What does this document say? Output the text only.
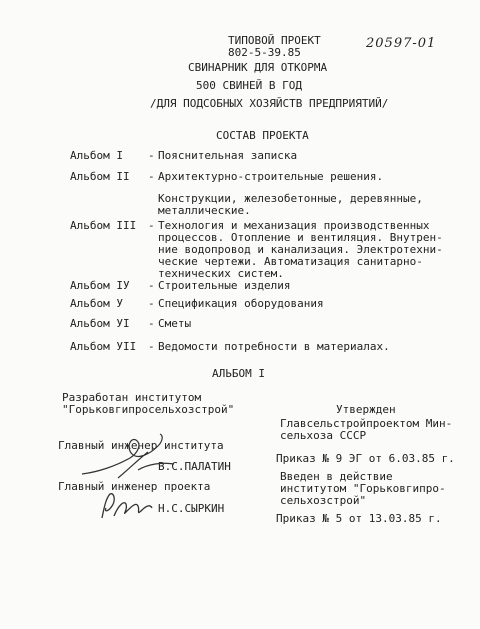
ТИПОВОЙ ПРОЕКТ
802-5-39.85
СВИНАРНИК ДЛЯ ОТКОРМА
500 СВИНЕЙ В ГОД
/ДЛЯ ПОДСОБНЫХ ХОЗЯЙСТВ ПРЕДПРИЯТИЙ/
20597-01
СОСТАВ ПРОЕКТА
Альбом I - Пояснительная записка
Альбом II - Архитектурно-строительные решения.
Конструкции, железобетонные, деревянные,
металлические.
Альбом III - Технология и механизация производственных
процессов. Отопление и вентиляция. Внутрен-
ние водопровод и канализация. Электротехни-
ческие чертежи. Автоматизация санитарно-
технических систем.
Альбом IУ - Строительные изделия
Альбом У - Спецификация оборудования
Альбом УI - Сметы
Альбом УII - Ведомости потребности в материалах.
АЛЬБОМ I
Разработан институтом
"Горьковгипросельхозстрой"
Главный инженер института
В.С.ПАЛАТИН
Главный инженер проекта
Н.С.СЫРКИН
Утвержден
Главсельстройпроектом Мин-
сельхоза СССР
Приказ № 9 ЭГ от 6.03.85 г.
Введен в действие
институтом "Горьковгипро-
сельхозстрой"
Приказ № 5 от 13.03.85 г.
